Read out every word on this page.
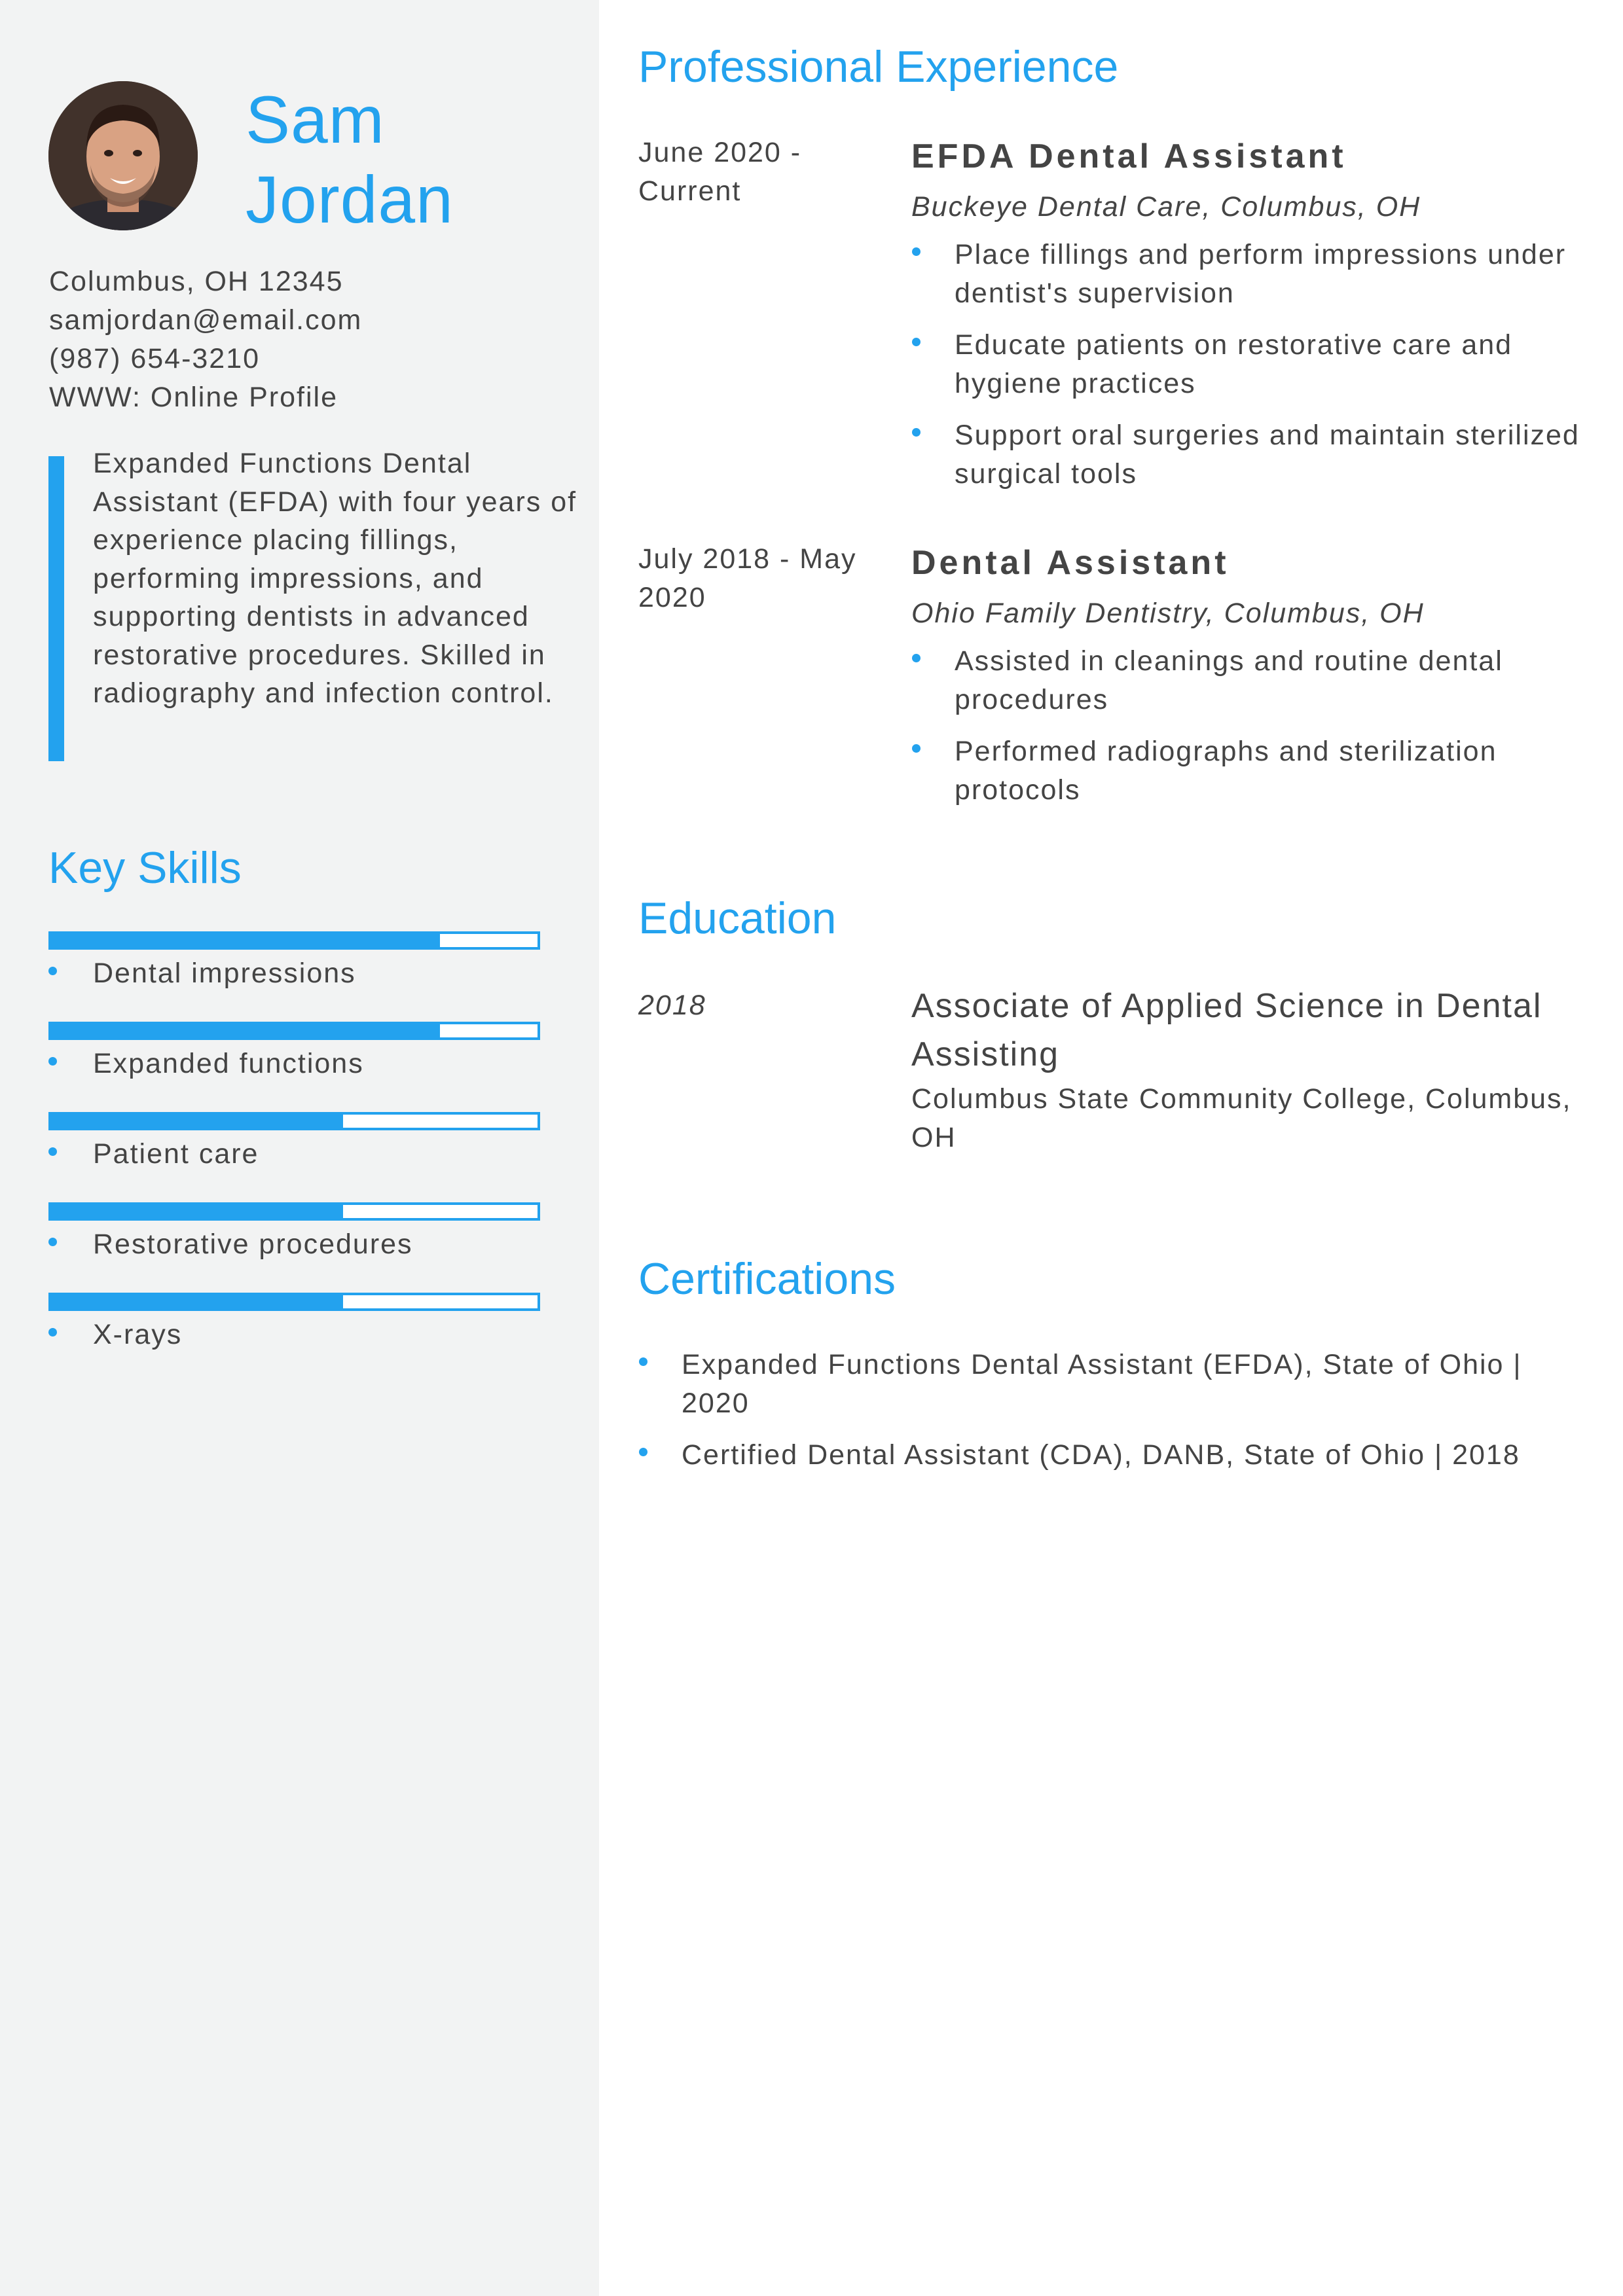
Sam
Jordan
Columbus, OH 12345
samjordan@email.com
(987) 654-3210
WWW: Online Profile

Expanded Functions Dental Assistant (EFDA) with four years of experience placing fillings, performing impressions, and supporting dentists in advanced restorative procedures. Skilled in radiography and infection control.

Key Skills
Dental impressions
Expanded functions
Patient care
Restorative procedures
X-rays
Professional Experience
June 2020 - Current
EFDA Dental Assistant
Buckeye Dental Care, Columbus, OH
Place fillings and perform impressions under dentist's supervision
Educate patients on restorative care and hygiene practices
Support oral surgeries and maintain sterilized surgical tools
July 2018 - May 2020
Dental Assistant
Ohio Family Dentistry, Columbus, OH
Assisted in cleanings and routine dental procedures
Performed radiographs and sterilization protocols
Education
2018	Associate of Applied Science in Dental Assisting
Columbus State Community College, Columbus, OH
Certifications
Expanded Functions Dental Assistant (EFDA), State of Ohio | 2020
Certified Dental Assistant (CDA), DANB, State of Ohio | 2018
